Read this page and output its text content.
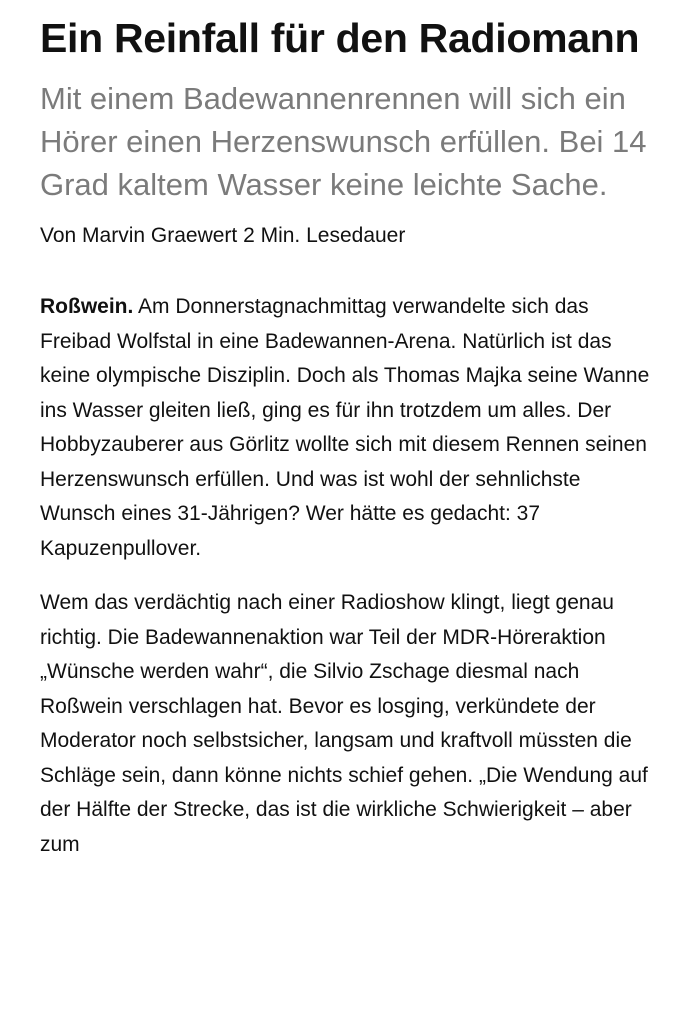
Ein Reinfall für den Radiomann

Mit einem Badewannenrennen will sich ein Hörer einen Herzenswunsch erfüllen. Bei 14 Grad kaltem Wasser keine leichte Sache.

Von Marvin Graewert 2 Min. Lesedauer

Roßwein. Am Donnerstagnachmittag verwandelte sich das Freibad Wolfstal in eine Badewannen-Arena. Natürlich ist das keine olympische Disziplin. Doch als Thomas Majka seine Wanne ins Wasser gleiten ließ, ging es für ihn trotzdem um alles. Der Hobbyzauberer aus Görlitz wollte sich mit diesem Rennen seinen Herzenswunsch erfüllen. Und was ist wohl der sehnlichste Wunsch eines 31-Jährigen? Wer hätte es gedacht: 37 Kapuzenpullover.

Wem das verdächtig nach einer Radioshow klingt, liegt genau richtig. Die Badewannenaktion war Teil der MDR-Höreraktion „Wünsche werden wahr“, die Silvio Zschage diesmal nach Roßwein verschlagen hat. Bevor es losging, verkündete der Moderator noch selbstsicher, langsam und kraftvoll müssten die Schläge sein, dann könne nichts schief gehen. „Die Wendung auf der Hälfte der Strecke, das ist die wirkliche Schwierigkeit – aber zum
